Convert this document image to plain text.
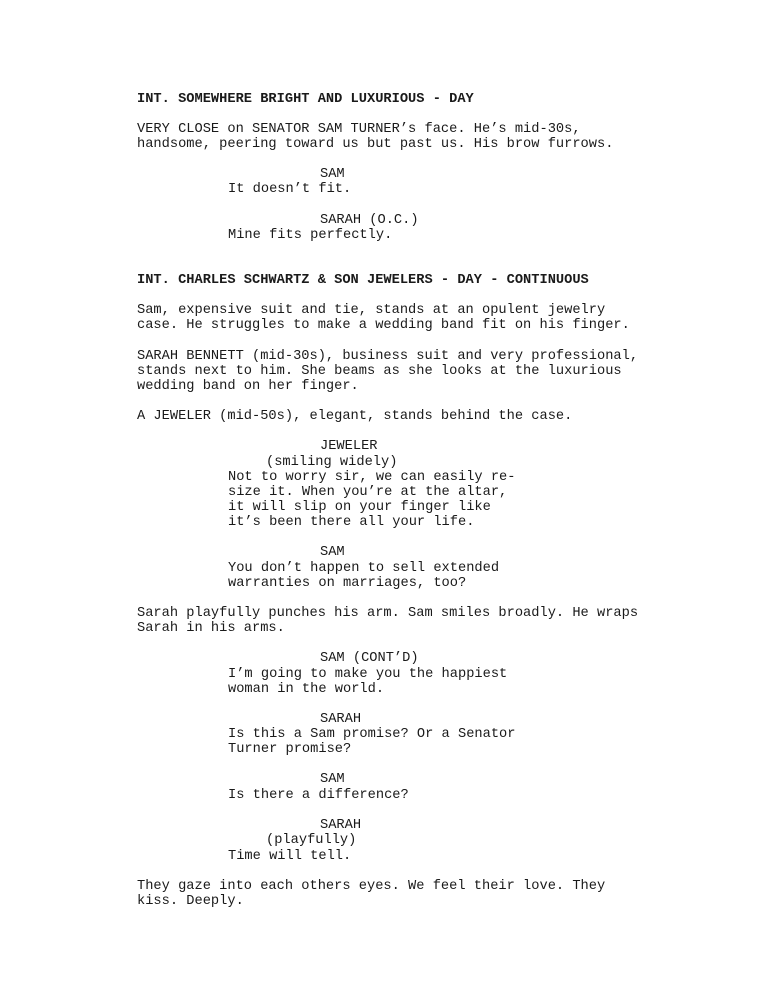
INT. SOMEWHERE BRIGHT AND LUXURIOUS - DAY

VERY CLOSE on SENATOR SAM TURNER’s face. He’s mid-30s,
handsome, peering toward us but past us. His brow furrows.

SAM

It doesn’t fit.

SARAH (O.C.)

Mine fits perfectly.

INT. CHARLES SCHWARTZ & SON JEWELERS - DAY - CONTINUOUS

Sam, expensive suit and tie, stands at an opulent jewelry
case. He struggles to make a wedding band fit on his finger.

SARAH BENNETT (mid-30s), business suit and very professional,
stands next to him. She beams as she looks at the luxurious
wedding band on her finger.

A JEWELER (mid-50s), elegant, stands behind the case.

JEWELER

(smiling widely)

Not to worry sir, we can easily re-
size it. When you’re at the altar,
it will slip on your finger like
it’s been there all your life.

SAM

You don’t happen to sell extended
warranties on marriages, too?

Sarah playfully punches his arm. Sam smiles broadly. He wraps
Sarah in his arms.

SAM (CONT’D)

I’m going to make you the happiest
woman in the world.

SARAH

Is this a Sam promise? Or a Senator
Turner promise?

SAM

Is there a difference?

SARAH

(playfully)

Time will tell.

They gaze into each others eyes. We feel their love. They
kiss. Deeply.
